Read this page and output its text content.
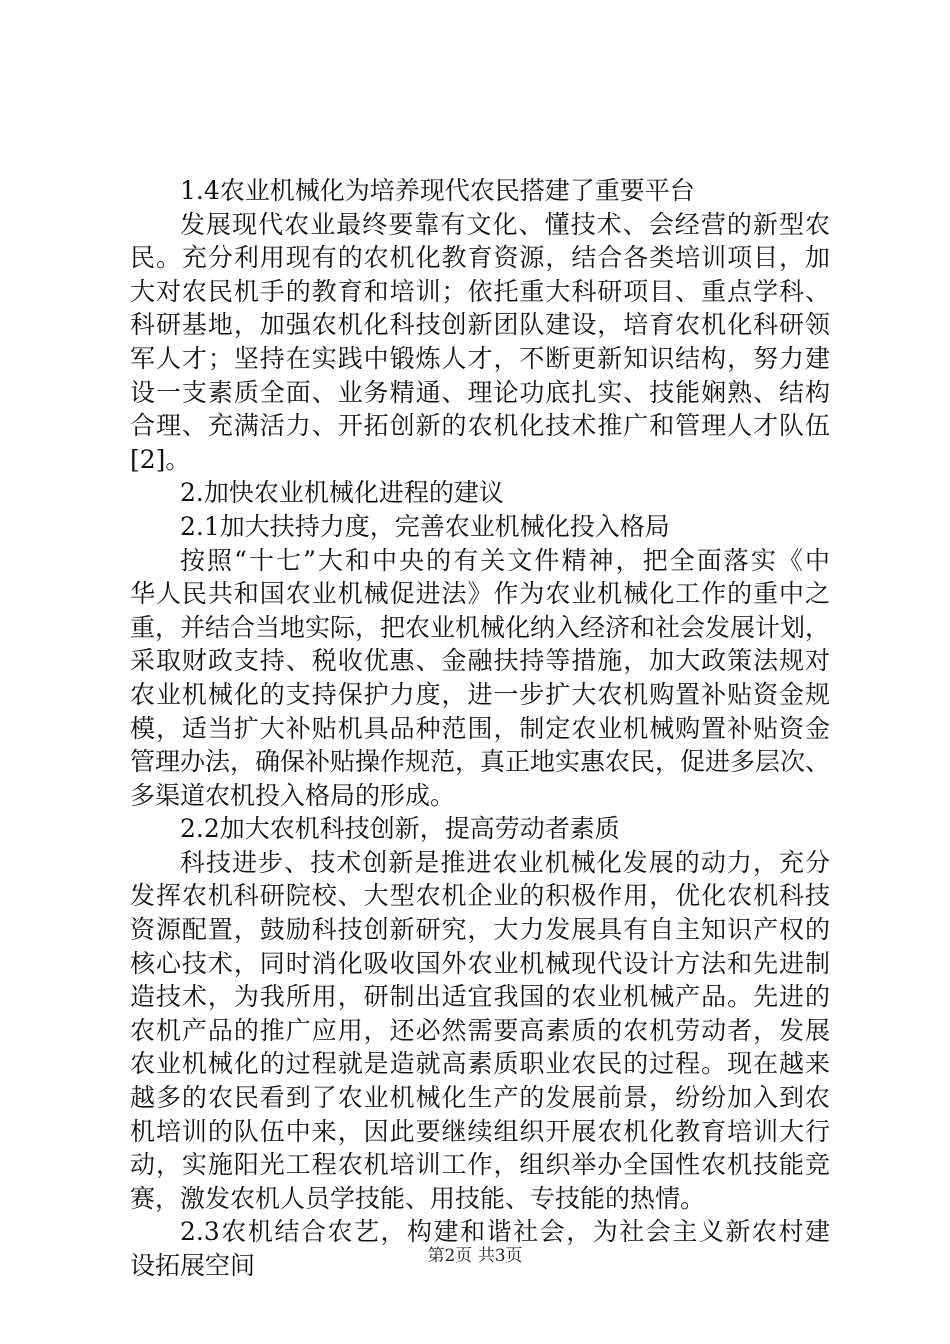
1.4农业机械化为培养现代农民搭建了重要平台
发展现代农业最终要靠有文化、懂技术、会经营的新型农
民。充分利用现有的农机化教育资源，结合各类培训项目，加
大对农民机手的教育和培训；依托重大科研项目、重点学科、
科研基地，加强农机化科技创新团队建设，培育农机化科研领
军人才；坚持在实践中锻炼人才，不断更新知识结构，努力建
设一支素质全面、业务精通、理论功底扎实、技能娴熟、结构
合理、充满活力、开拓创新的农机化技术推广和管理人才队伍
[2]。
2.加快农业机械化进程的建议
2.1加大扶持力度，完善农业机械化投入格局
按照“十七”大和中央的有关文件精神，把全面落实《中
华人民共和国农业机械促进法》作为农业机械化工作的重中之
重，并结合当地实际，把农业机械化纳入经济和社会发展计划，
采取财政支持、税收优惠、金融扶持等措施，加大政策法规对
农业机械化的支持保护力度，进一步扩大农机购置补贴资金规
模，适当扩大补贴机具品种范围，制定农业机械购置补贴资金
管理办法，确保补贴操作规范，真正地实惠农民，促进多层次、
多渠道农机投入格局的形成。
2.2加大农机科技创新，提高劳动者素质
科技进步、技术创新是推进农业机械化发展的动力，充分
发挥农机科研院校、大型农机企业的积极作用，优化农机科技
资源配置，鼓励科技创新研究，大力发展具有自主知识产权的
核心技术，同时消化吸收国外农业机械现代设计方法和先进制
造技术，为我所用，研制出适宜我国的农业机械产品。先进的
农机产品的推广应用，还必然需要高素质的农机劳动者，发展
农业机械化的过程就是造就高素质职业农民的过程。现在越来
越多的农民看到了农业机械化生产的发展前景，纷纷加入到农
机培训的队伍中来，因此要继续组织开展农机化教育培训大行
动，实施阳光工程农机培训工作，组织举办全国性农机技能竞
赛，激发农机人员学技能、用技能、专技能的热情。
2.3农机结合农艺，构建和谐社会，为社会主义新农村建
设拓展空间	第2页 共3页
